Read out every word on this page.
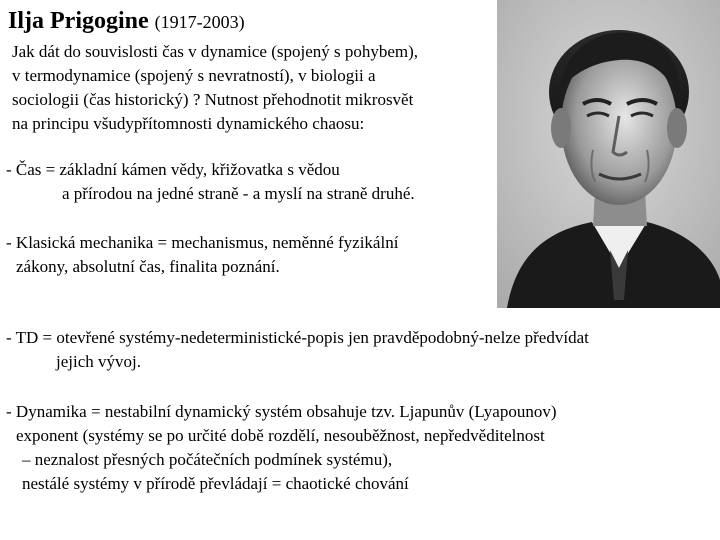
Ilja Prigogine (1917-2003)
Jak dát do souvislosti čas v dynamice (spojený s pohybem),
v termodynamice (spojený s nevratností), v biologii a
sociologii (čas historický) ? Nutnost přehodnotit mikrosvět
na principu všudypřítomnosti dynamického chaosu:
- Čas = základní kámen vědy, křižovatka s vědou
a přírodou na jedné straně - a myslí na straně druhé.
- Klasická mechanika = mechanismus, neměnné fyzikální
zákony, absolutní čas, finalita poznání.
- TD = otevřené systémy-nedeterministické-popis jen pravděpodobný-nelze předvídat
jejich vývoj.
- Dynamika = nestabilní dynamický systém obsahuje tzv. Ljapunův (Lyapounov)
exponent (systémy se po určité době rozdělí, nesouběžnost, nepředvěditelnost
– neznalost přesných počátečních podmínek systému),
nestálé systémy v přírodě převládají = chaotické chování
